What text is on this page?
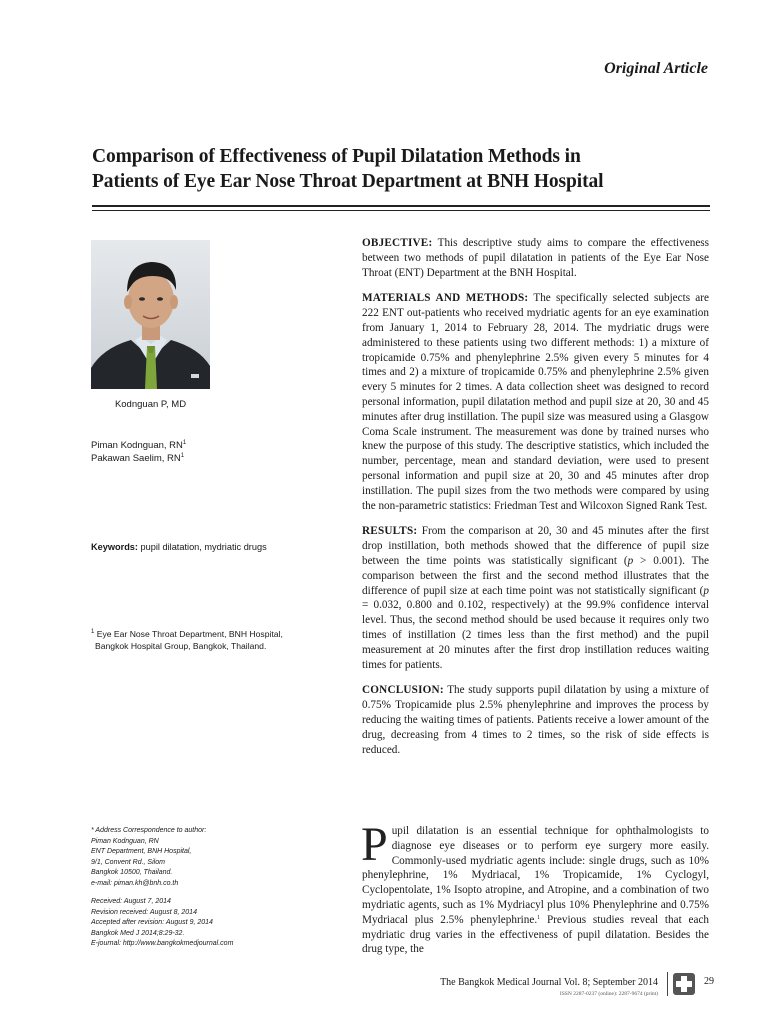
Original Article
Comparison of Effectiveness of Pupil Dilatation Methods in
Patients of Eye Ear Nose Throat Department at BNH Hospital
Kodnguan P, MD
Piman Kodnguan, $RN^1$
Pakawan Saelim, $RN^1$
Keywords: pupil dilatation, mydriatic drugs
$^1$ Eye Ear Nose Throat Department, BNH Hospital,
Bangkok Hospital Group, Bangkok, Thailand.
* Address Correspondence to author:
Piman Kodnguan, RN
ENT Department, BNH Hospital,
9/1, Convent Rd., Silom
Bangkok 10500, Thailand.
e-mail: piman.kh@bnh.co.th
Received: August 7, 2014
Revision received: August 8, 2014
Accepted after revision: August 9, 2014
Bangkok Med J 2014;8:29-32.
E-journal: http://www.bangkokmedjournal.com

OBJECTIVE: This descriptive study aims to compare the effectiveness between two methods of pupil dilatation in patients of the Eye Ear Nose Throat (ENT) Department at the BNH Hospital.

MATERIALS AND METHODS: The specifically selected subjects are 222 ENT out-patients who received mydriatic agents for an eye examination from January 1, 2014 to February 28, 2014. The mydriatic drugs were administered to these patients using two different methods: 1) a mixture of tropicamide 0.75% and phenylephrine 2.5% given every 5 minutes for 4 times and 2) a mixture of tropicamide 0.75% and phenylephrine 2.5% given every 5 minutes for 2 times. A data collection sheet was designed to record personal information, pupil dilatation method and pupil size at 20, 30 and 45 minutes after drug instillation. The pupil size was measured using a Glasgow Coma Scale instrument. The measurement was done by trained nurses who knew the purpose of this study. The descriptive statistics, which included the number, percentage, mean and standard deviation, were used to present personal information and pupil size at 20, 30 and 45 minutes after drop instillation. The pupil sizes from the two methods were compared by using the non-parametric statistics: Friedman Test and Wilcoxon Signed Rank Test.

RESULTS: From the comparison at 20, 30 and 45 minutes after the first drop instillation, both methods showed that the difference of pupil size between the time points was statistically significant (p > 0.001). The comparison between the first and the second method illustrates that the difference of pupil size at each time point was not statistically significant (p = 0.032, 0.800 and 0.102, respectively) at the 99.9% confidence interval level. Thus, the second method should be used because it requires only two times of instillation (2 times less than the first method) and the pupil measurement at 20 minutes after the first drop instillation reduces waiting times for patients.

CONCLUSION: The study supports pupil dilatation by using a mixture of 0.75% Tropicamide plus 2.5% phenylephrine and improves the process by reducing the waiting times of patients. Patients receive a lower amount of the drug, decreasing from 4 times to 2 times, so the risk of side effects is reduced.

Pupil dilatation is an essential technique for ophthalmologists to diagnose eye diseases or to perform eye surgery more easily. Commonly-used mydriatic agents include: single drugs, such as 10% phenylephrine, 1% Mydriacal, 1% Tropicamide, 1% Cyclogyl, Cyclopentolate, 1% Isopto atropine, and Atropine, and a combination of two mydriatic agents, such as 1% Mydriacyl plus 10% Phenylephrine and 0.75% Mydriacal plus 2.5% phenylephrine.$^1$ Previous studies reveal that each mydriatic drug varies in the effectiveness of pupil dilatation. Besides the drug type, the
The Bangkok Medical Journal Vol. 8; September 2014
ISSN 2287-0237 (online): 2287-9674 (print)
29
